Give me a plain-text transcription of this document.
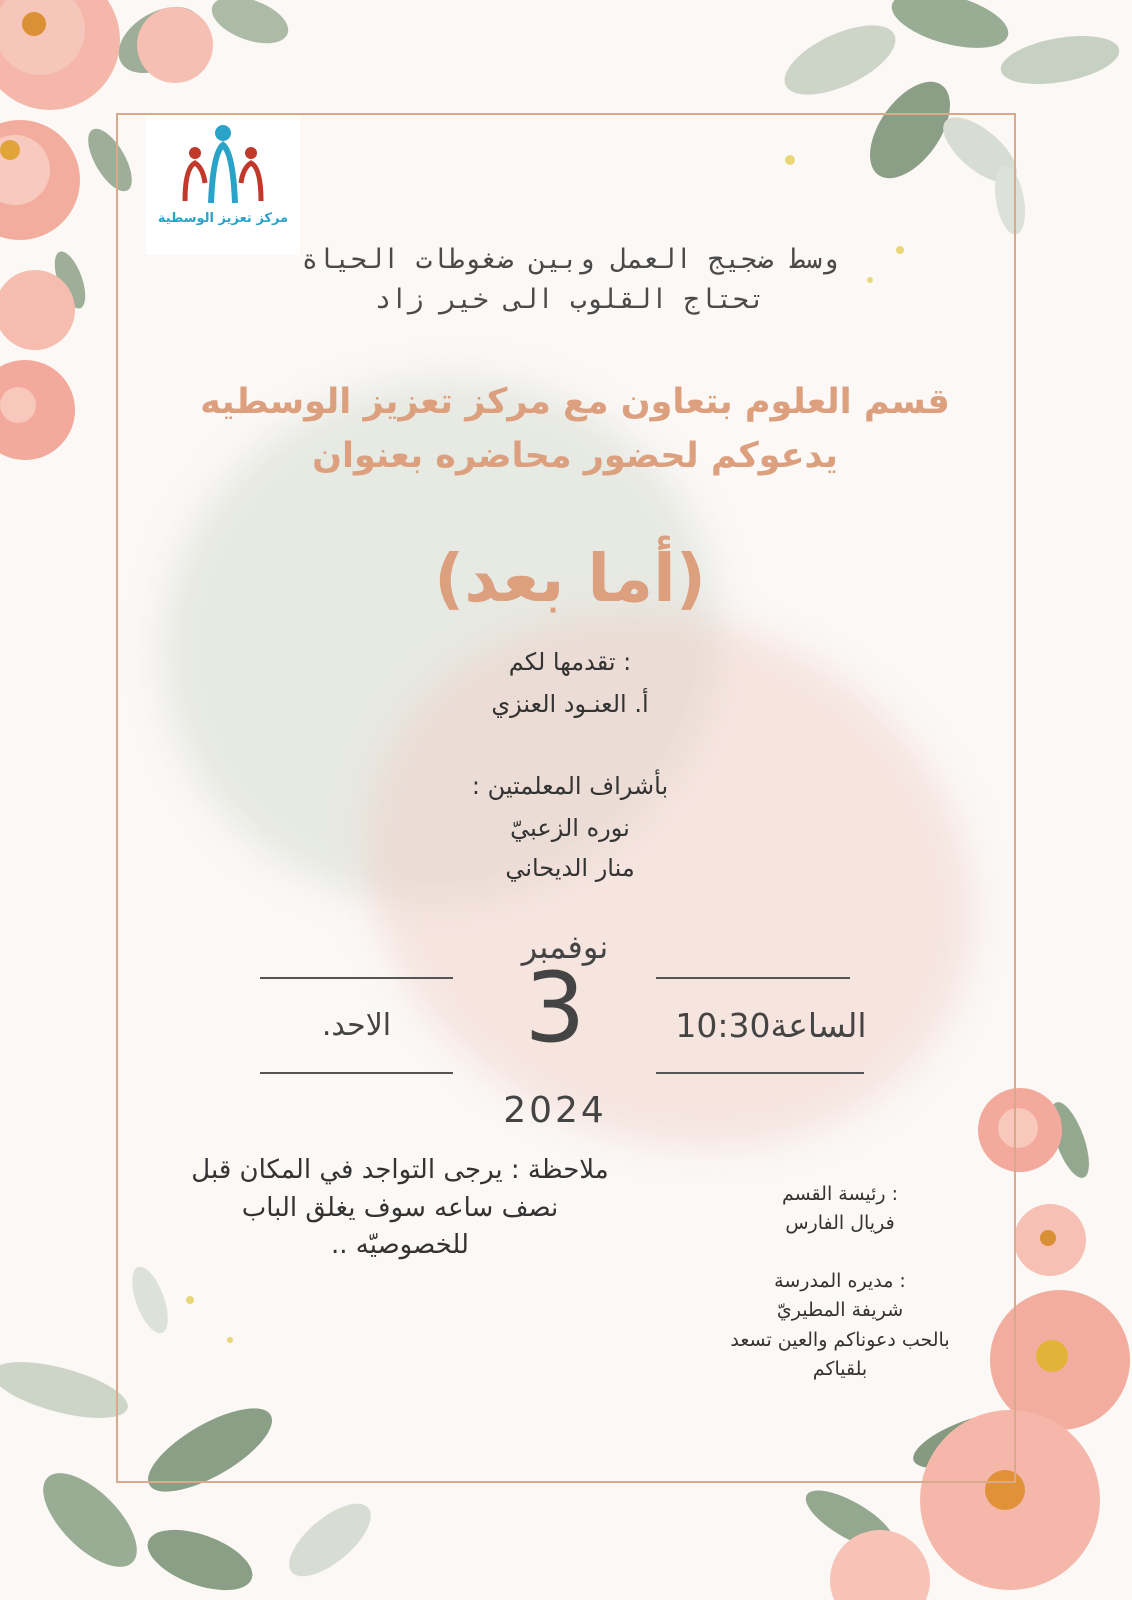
مركز تعزيز الوسطية
وسط ضجيج العمل وبين ضغوطات الحياة
تحتاج القلوب الى خير زاد
قسم العلوم بتعاون مع مركز تعزيز الوسطيه
يدعوكم لحضور محاضره بعنوان
(أما بعد)
: تقدمها لكم
أ. العنـود العنزي
بأشراف المعلمتين :
نوره الزعبيّ
منار الديحاني
نوفمبر
الاحد.	3	الساعة10:30
2024
ملاحظة : يرجى التواجد في المكان قبل
نصف ساعه سوف يغلق الباب
للخصوصيّه ..
: رئيسة القسم
فريال الفارس
: مديره المدرسة
شريفة المطيريّ
بالحب دعوناكم والعين تسعد
بلقياكم
